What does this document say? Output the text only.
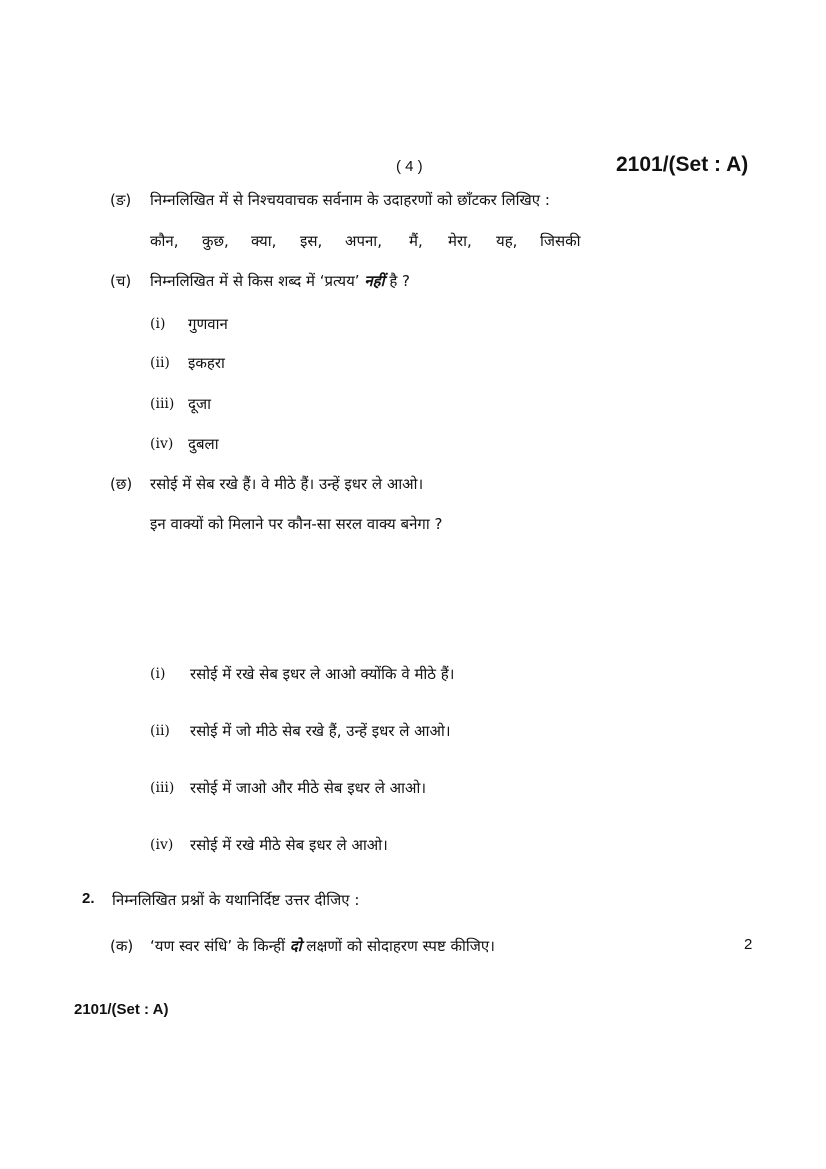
( 4 )	2101/(Set : A)
(ङ) निम्नलिखित में से निश्चयवाचक सर्वनाम के उदाहरणों को छाँटकर लिखिए :
कौन, कुछ, क्या, इस, अपना, मैं, मेरा, यह, जिसकी
(च) निम्नलिखित में से किस शब्द में ‘प्रत्यय’ नहीं है ?
(i) गुणवान
(ii) इकहरा
(iii) दूजा
(iv) दुबला
(छ) रसोई में सेब रखे हैं। वे मीठे हैं। उन्हें इधर ले आओ।
इन वाक्यों को मिलाने पर कौन-सा सरल वाक्य बनेगा ?
(i) रसोई में रखे सेब इधर ले आओ क्योंकि वे मीठे हैं।
(ii) रसोई में जो मीठे सेब रखे हैं, उन्हें इधर ले आओ।
(iii) रसोई में जाओ और मीठे सेब इधर ले आओ।
(iv) रसोई में रखे मीठे सेब इधर ले आओ।
2. निम्नलिखित प्रश्नों के यथानिर्दिष्ट उत्तर दीजिए :
(क) ‘यण स्वर संधि’ के किन्हीं दो लक्षणों को सोदाहरण स्पष्ट कीजिए।	2
2101/(Set : A)
